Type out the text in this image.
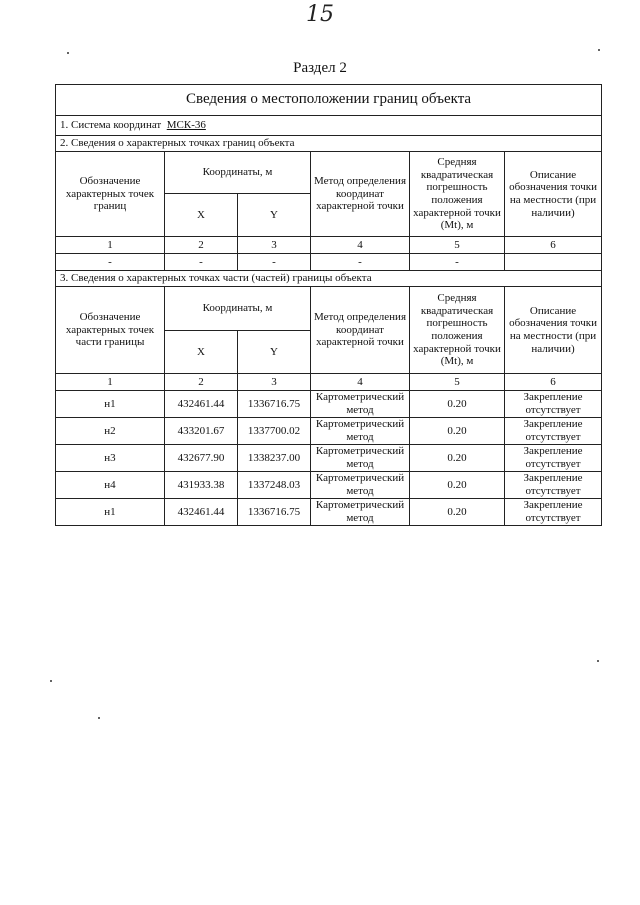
15
Раздел 2
Сведения о местоположении границ объекта					
1. Система координат МСК-36					
2. Сведения о характерных точках границ объекта					
Обозначение характерных точек границ	Координаты, м		Метод определения координат характерной точки	Средняя квадратическая погрешность положения характерной точки (Mt), м	Описание обозначения точки на местности (при наличии)
	X	Y			
1	2	3	4	5	6
-	-	-	-	-	
3. Сведения о характерных точках части (частей) границы объекта					
Обозначение характерных точек части границы	Координаты, м		Метод определения координат характерной точки	Средняя квадратическая погрешность положения характерной точки (Mt), м	Описание обозначения точки на местности (при наличии)
	X	Y			
1	2	3	4	5	6
н1	432461.44	1336716.75	Картометрический метод	0.20	Закрепление отсутствует
н2	433201.67	1337700.02	Картометрический метод	0.20	Закрепление отсутствует
н3	432677.90	1338237.00	Картометрический метод	0.20	Закрепление отсутствует
н4	431933.38	1337248.03	Картометрический метод	0.20	Закрепление отсутствует
н1	432461.44	1336716.75	Картометрический метод	0.20	Закрепление отсутствует
